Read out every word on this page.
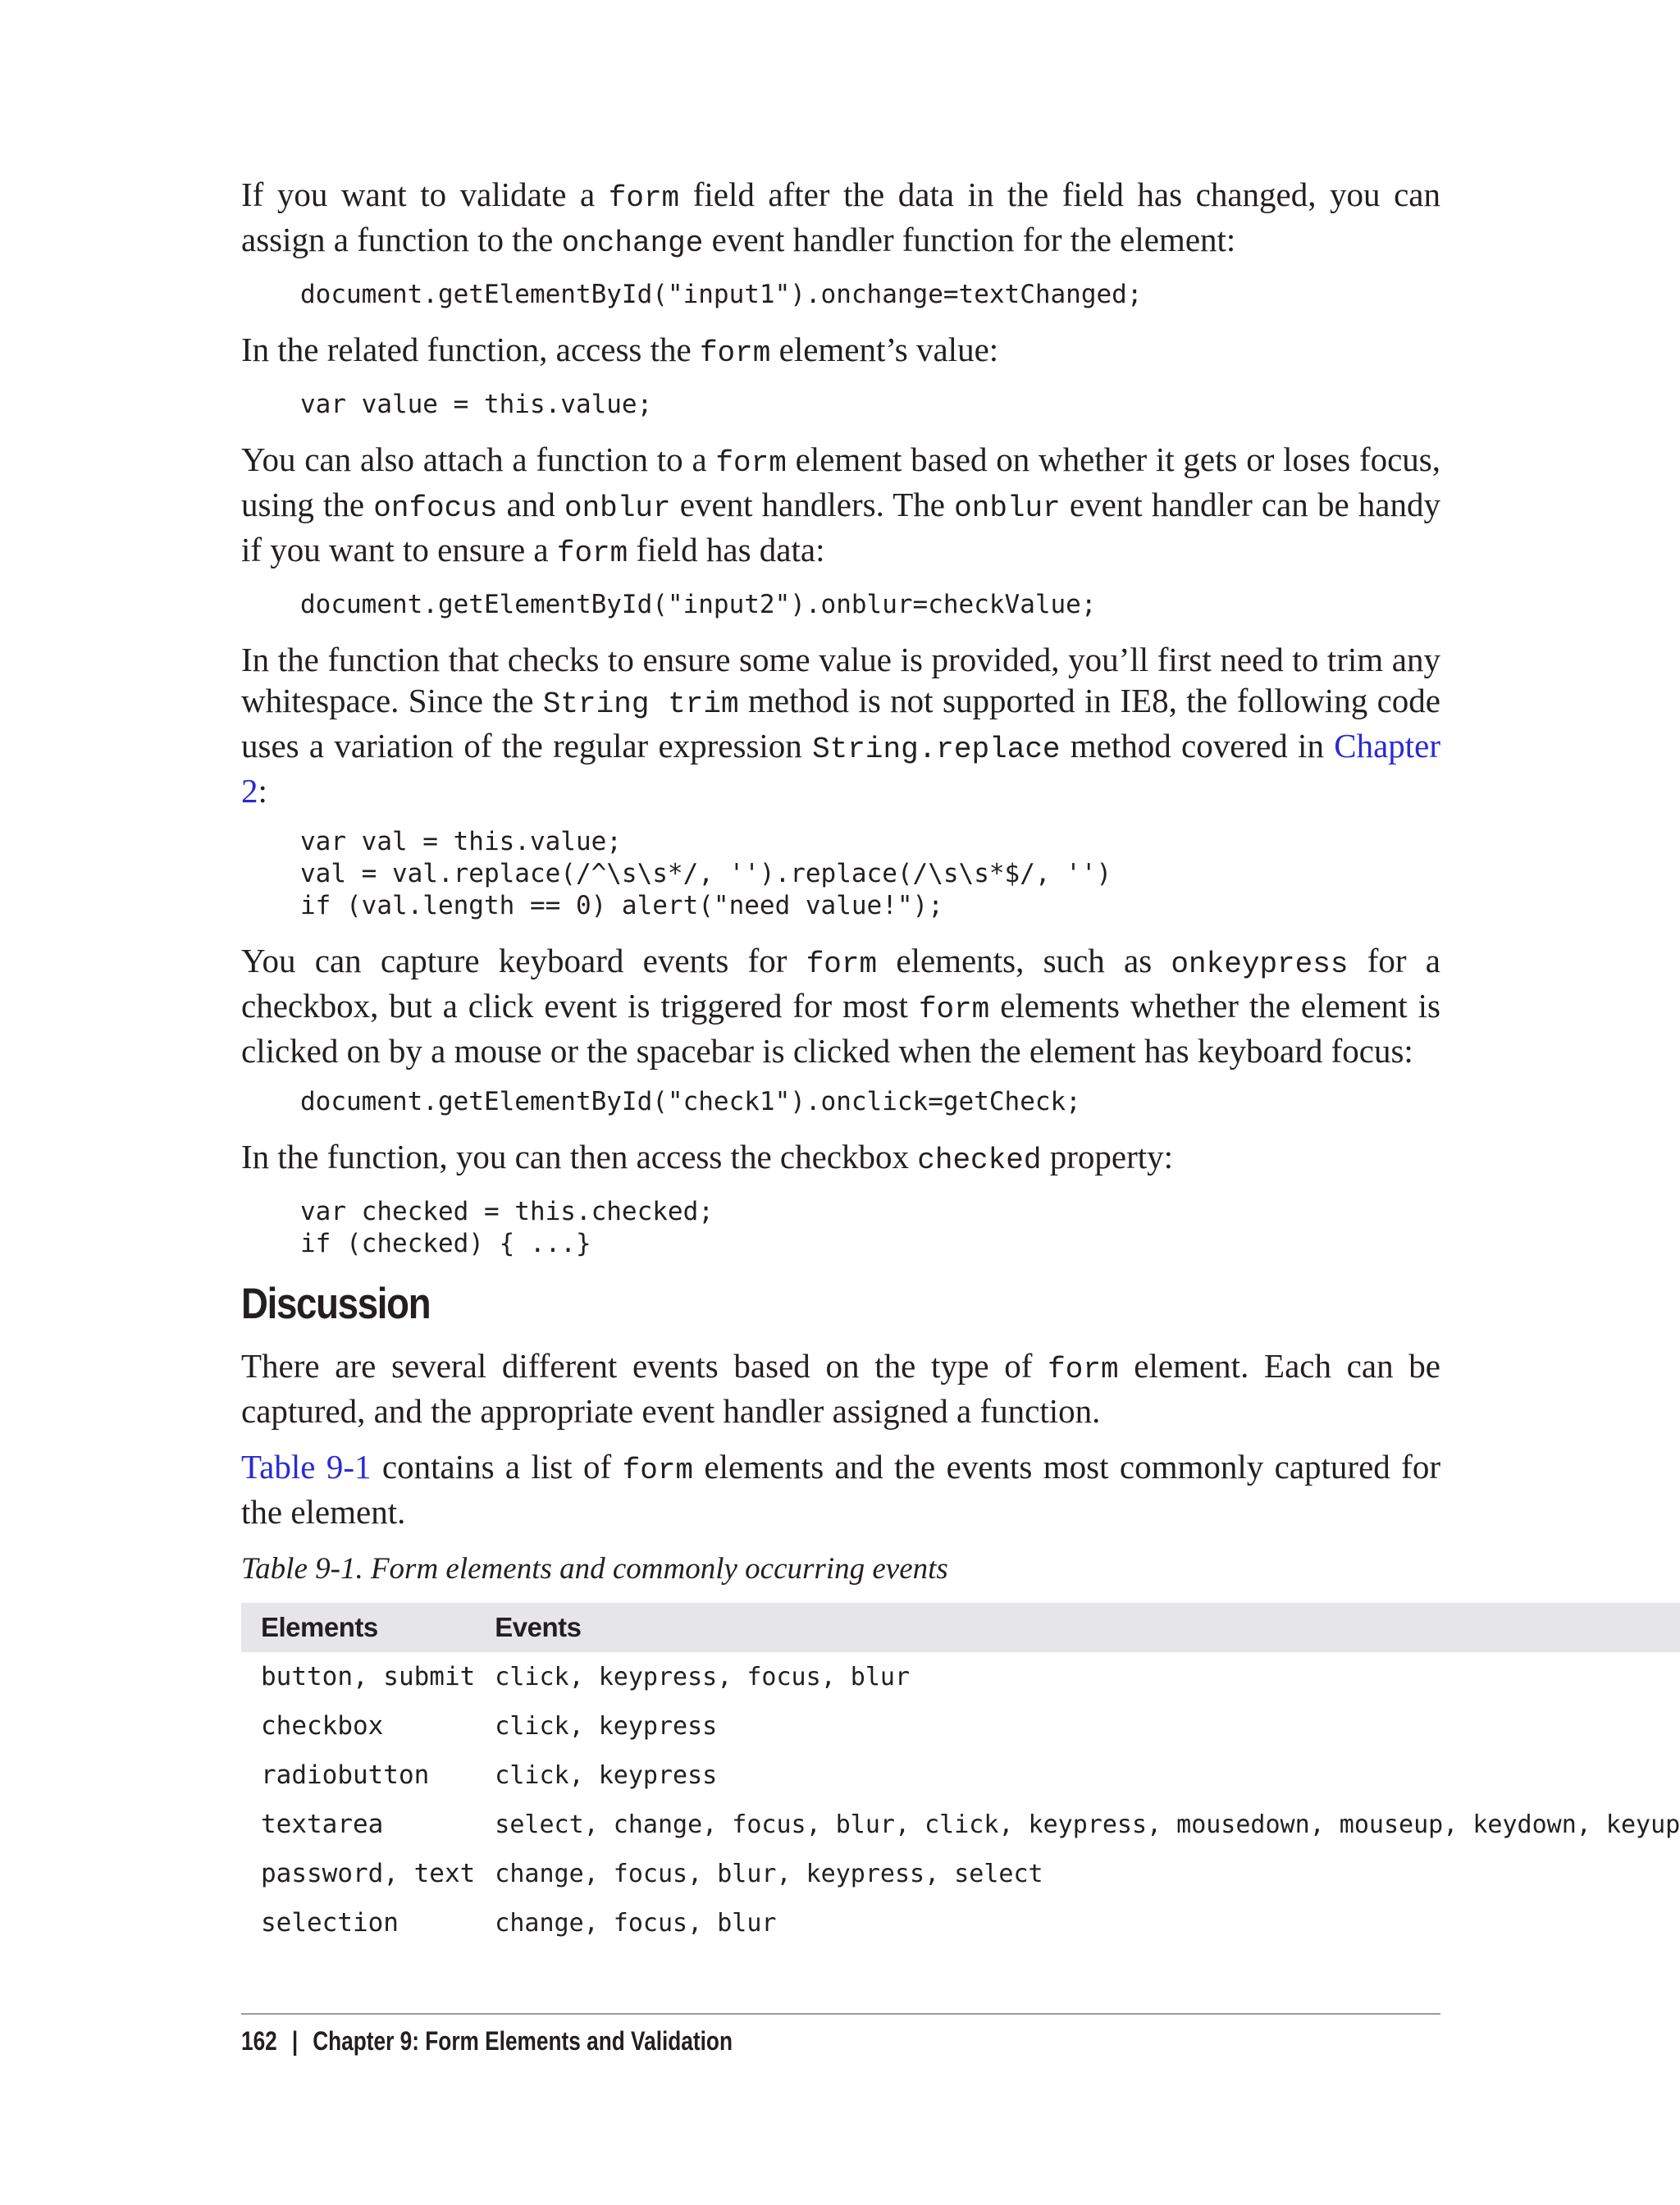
If you want to validate a form field after the data in the field has changed, you can assign a function to the onchange event handler function for the element:

document.getElementById("input1").onchange=textChanged;

In the related function, access the form element’s value:

var value = this.value;

You can also attach a function to a form element based on whether it gets or loses focus, using the onfocus and onblur event handlers. The onblur event handler can be handy if you want to ensure a form field has data:

document.getElementById("input2").onblur=checkValue;

In the function that checks to ensure some value is provided, you’ll first need to trim any whitespace. Since the String trim method is not supported in IE8, the following code uses a variation of the regular expression String.replace method covered in Chapter 2:

var val = this.value;
val = val.replace(/^\s\s*/, '').replace(/\s\s*$/, '')
if (val.length == 0) alert("need value!");

You can capture keyboard events for form elements, such as onkeypress for a checkbox, but a click event is triggered for most form elements whether the element is clicked on by a mouse or the spacebar is clicked when the element has keyboard focus:

document.getElementById("check1").onclick=getCheck;

In the function, you can then access the checkbox checked property:

var checked = this.checked;
if (checked) { ...}
Discussion

There are several different events based on the type of form element. Each can be captured, and the appropriate event handler assigned a function.

Table 9-1 contains a list of form elements and the events most commonly captured for the element.

Table 9-1. Form elements and commonly occurring events
Elements	Events
button, submit	click, keypress, focus, blur
checkbox	click, keypress
radiobutton	click, keypress
textarea	select, change, focus, blur, click, keypress, mousedown, mouseup, keydown, keyup
password, text	change, focus, blur, keypress, select
selection	change, focus, blur
162 | Chapter 9: Form Elements and Validation
